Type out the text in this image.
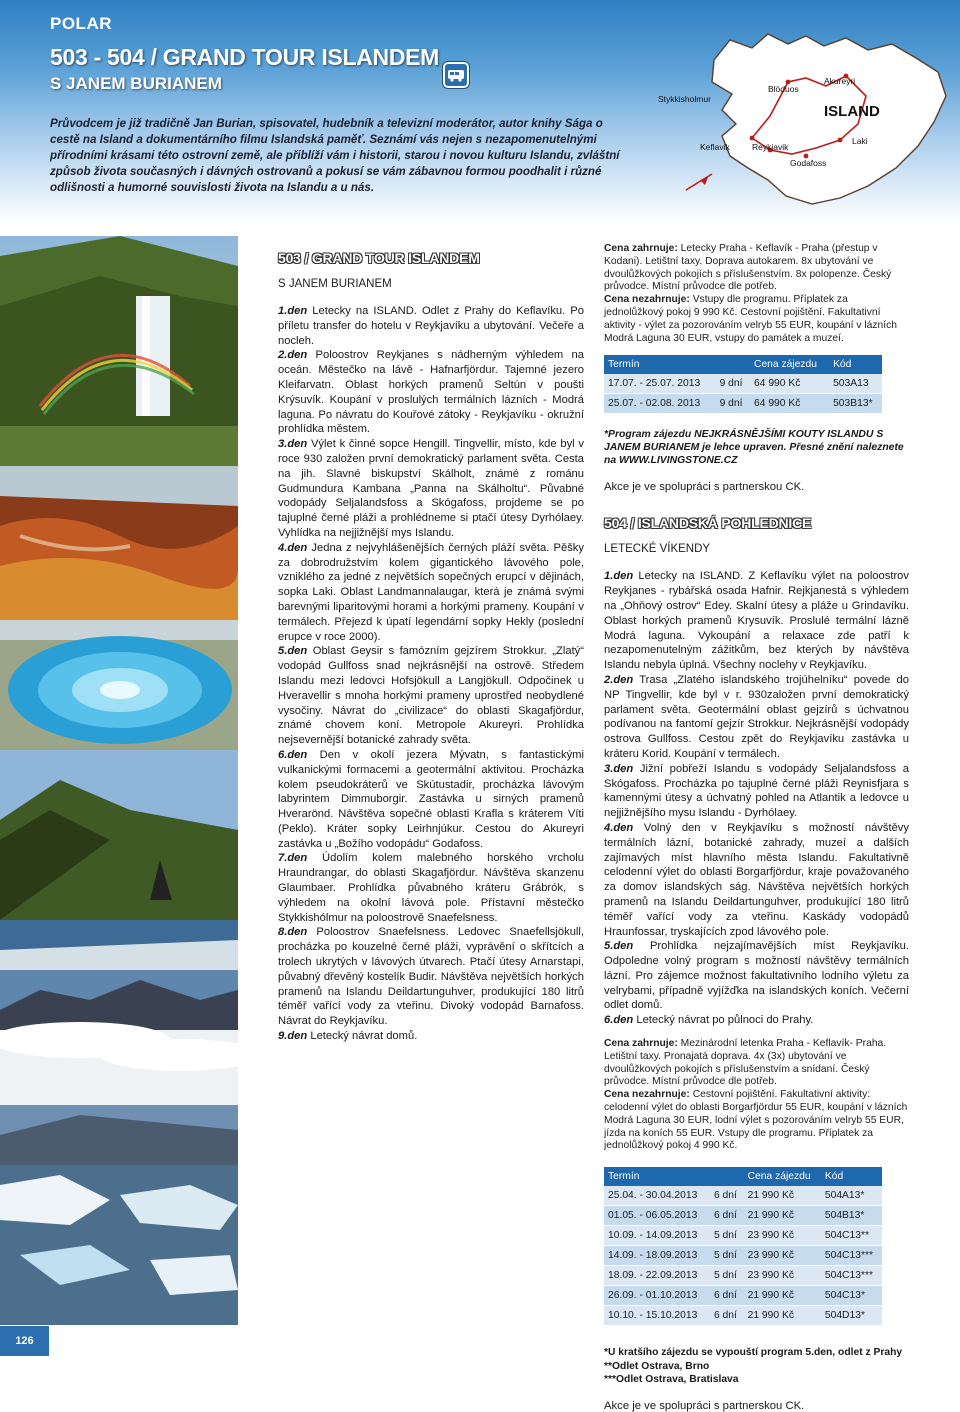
POLAR
503 - 504 / GRAND TOUR ISLANDEM
S JANEM BURIANEM
Průvodcem je již tradičně Jan Burian, spisovatel, hudebník a televizní moderátor, autor knihy Sága o cestě na Island a dokumentárního filmu Islandská paměť. Seznámí vás nejen s nezapomenutelnými přírodními krásami této ostrovní země, ale přiblíží vám i historii, starou i novou kulturu Islandu, zvláštní způsob života současných i dávných ostrovanů a pokusí se vám zábavnou formou poodhalit i různé odlišnosti a humorné souvislosti života na Islandu a u nás.
ISLAND
Stykkisholmur
Blöduos
Akureyri
Keflavik	Reykjavik
Laki
Godafoss
126
503 / GRAND TOUR ISLANDEM
S JANEM BURIANEM

1.den Letecky na ISLAND. Odlet z Prahy do Keflavíku. Po příletu transfer do hotelu v Reykjavíku a ubytování. Večeře a nocleh.

2.den Poloostrov Reykjanes s nádherným výhledem na oceán. Městečko na lávě - Hafnarfjördur. Tajemné jezero Kleifarvatn. Oblast horkých pramenů Seltún v poušti Krýsuvík. Koupání v proslulých termálních lázních - Modrá laguna. Po návratu do Kouřové zátoky - Reykjavíku - okružní prohlídka městem.

3.den Výlet k činné sopce Hengill. Tingvellir, místo, kde byl v roce 930 založen první demokratický parlament světa. Cesta na jih. Slavné biskupství Skálholt, známé z románu Gudmundura Kambana „Panna na Skálholtu“. Půvabné vodopády Seljalandsfoss a Skógafoss, projdeme se po tajuplné černé pláži a prohlédneme si ptačí útesy Dyrhólaey. Vyhlídka na nejjižnější mys Islandu.

4.den Jedna z nejvyhlášenějších černých pláží světa. Pěšky za dobrodružstvím kolem gigantického lávového pole, vzniklého za jedné z největších sopečných erupcí v dějinách, sopka Laki. Oblast Landmannalaugar, která je známá svými barevnými liparitovými horami a horkými prameny. Koupání v termálech. Přejezd k úpatí legendární sopky Hekly (poslední erupce v roce 2000).

5.den Oblast Geysir s famózním gejzírem Strokkur. „Zlatý“ vodopád Gullfoss snad nejkrásnější na ostrově. Středem Islandu mezi ledovci Hofsjökull a Langjökull. Odpočinek u Hveravellir s mnoha horkými prameny uprostřed neobydlené vysočiny. Návrat do „civilizace“ do oblasti Skagafjördur, známé chovem koní. Metropole Akureyri. Prohlídka nejsevernější botanické zahrady světa.

6.den Den v okolí jezera Mývatn, s fantastickými vulkanickými formacemi a geotermální aktivitou. Procházka kolem pseudokráterů ve Skútustadir, procházka lávovým labyrintem Dimmuborgir. Zastávka u sirných pramenů Hverarönd. Návštěva sopečné oblasti Krafla s kráterem Víti (Peklo). Kráter sopky Leirhnjúkur. Cestou do Akureyri zastávka u „Božího vodopádu“ Godafoss.

7.den Údolím kolem malebného horského vrcholu Hraundrangar, do oblasti Skagafjördur. Návštěva skanzenu Glaumbaer. Prohlídka půvabného kráteru Grábrók, s výhledem na okolní lávová pole. Přístavní městečko Stykkishólmur na poloostrově Snaefelsness.

8.den Poloostrov Snaefelsness. Ledovec Snaefellsjökull, procházka po kouzelné černé pláži, vyprávění o skřítcích a trolech ukrytých v lávových útvarech. Ptačí útesy Arnarstapi, půvabný dřevěný kostelík Budir. Návštěva největších horkých pramenů na Islandu Deildartunguhver, produkující 180 litrů téměř vařící vody za vteřinu. Divoký vodopád Barnafoss. Návrat do Reykjavíku.

9.den Letecký návrat domů.

Cena zahrnuje: Letecky Praha - Keflavík - Praha (přestup v Kodani). Letištní taxy. Doprava autokarem. 8x ubytování ve dvoulůžkových pokojích s příslušenstvím. 8x polopenze. Český průvodce. Místní průvodce dle potřeb.

Cena nezahrnuje: Vstupy dle programu. Příplatek za jednolůžkový pokoj 9 990 Kč. Cestovní pojištění. Fakultativní aktivity - výlet za pozorováním velryb 55 EUR, koupání v lázních Modrá Laguna 30 EUR, vstupy do památek a muzeí.

Termín		Cena zájezdu	Kód
17.07. - 25.07. 2013	9 dní	64 990 Kč	503A13
25.07. - 02.08. 2013	9 dní	64 990 Kč	503B13*

*Program zájezdu NEJKRÁSNĚJŠÍMI KOUTY ISLANDU S JANEM BURIANEM je lehce upraven. Přesné znění naleznete na WWW.LIVINGSTONE.CZ

Akce je ve spolupráci s partnerskou CK.

504 / ISLANDSKÁ POHLEDNICE
LETECKÉ VÍKENDY

1.den Letecky na ISLAND. Z Keflavíku výlet na poloostrov Reykjanes - rybářská osada Hafnir. Rejkjanestá s výhledem na „Ohňový ostrov“ Edey. Skalní útesy a pláže u Grindavíku. Oblast horkých pramenů Krysuvík. Proslulé termální lázně Modrá laguna. Vykoupání a relaxace zde patří k nezapomenutelným zážitkům, bez kterých by návštěva Islandu nebyla úplná. Všechny noclehy v Reykjavíku.

2.den Trasa „Zlatého islandského trojúhelníku“ povede do NP Tingvellir, kde byl v r. 930založen první demokratický parlament světa. Geotermální oblast gejzírů s úchvatnou podívanou na fantomí gejzír Strokkur. Nejkrásnější vodopády ostrova Gullfoss. Cestou zpět do Reykjavíku zastávka u kráteru Korid. Koupání v termálech.

3.den Jižní pobřeží Islandu s vodopády Seljalandsfoss a Skógafoss. Procházka po tajuplné černé pláži Reynisfjara s kamennými útesy a úchvatný pohled na Atlantik a ledovce u nejjižnějšího mysu Islandu - Dyrhólaey.

4.den Volný den v Reykjavíku s možností návštěvy termálních lázní, botanické zahrady, muzeí a dalších zajímavých míst hlavního města Islandu. Fakultativně celodenní výlet do oblasti Borgarfjördur, kraje považovaného za domov islandských ság. Návštěva největších horkých pramenů na Islandu Deildartunguhver, produkující 180 litrů téměř vařící vody za vteřinu. Kaskády vodopádů Hraunfossar, tryskajících zpod lávového pole.

5.den Prohlídka nejzajímavějších míst Reykjavíku. Odpoledne volný program s možností návštěvy termálních lázní. Pro zájemce možnost fakultativního lodního výletu za velrybami, případně vyjížďka na islandských koních. Večerní odlet domů.

6.den Letecký návrat po půlnoci do Prahy.

Cena zahrnuje: Mezinárodní letenka Praha - Keflavík- Praha. Letištní taxy. Pronajatá doprava. 4x (3x) ubytování ve dvoulůžkových pokojích s příslušenstvím a snídaní. Český průvodce. Místní průvodce dle potřeb.

Cena nezahrnuje: Cestovní pojištění. Fakultativní aktivity: celodenní výlet do oblasti Borgarfjördur 55 EUR, koupání v lázních Modrá Laguna 30 EUR, lodní výlet s pozorováním velryb 55 EUR, jízda na koních 55 EUR. Vstupy dle programu. Příplatek za jednolůžkový pokoj 4 990 Kč.

Termín		Cena zájezdu	Kód
25.04. - 30.04.2013	6 dní	21 990 Kč	504A13*
01.05. - 06.05.2013	6 dní	21 990 Kč	504B13*
10.09. - 14.09.2013	5 dní	23 990 Kč	504C13**
14.09. - 18.09.2013	5 dní	23 990 Kč	504C13***
18.09. - 22.09.2013	5 dní	23 990 Kč	504C13***
26.09. - 01.10.2013	6 dní	21 990 Kč	504C13*
10.10. - 15.10.2013	6 dní	21 990 Kč	504D13*

*U kratšího zájezdu se vypouští program 5.den, odlet z Prahy

**Odlet Ostrava, Brno

***Odlet Ostrava, Bratislava

Akce je ve spolupráci s partnerskou CK.
